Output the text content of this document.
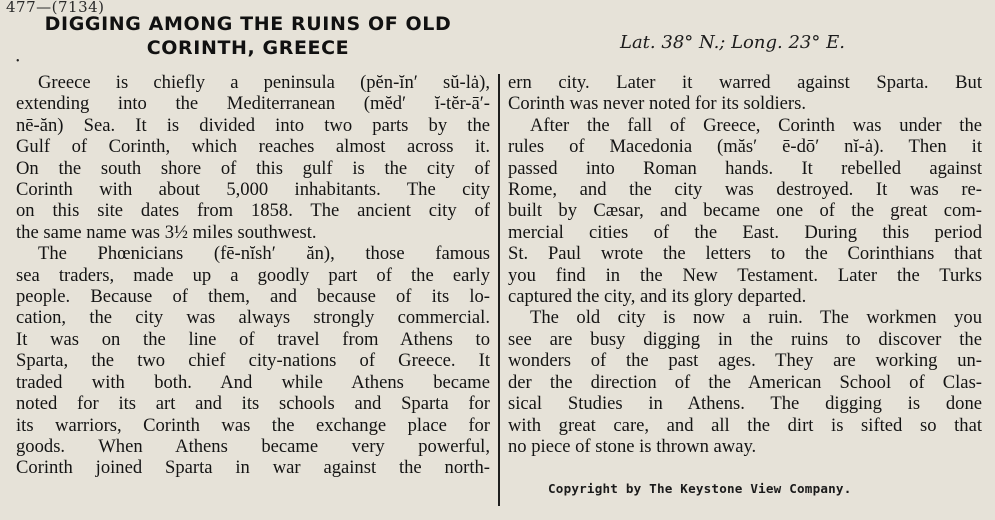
477—(7134)
DIGGING AMONG THE RUINS OF OLD
CORINTH, GREECE
•
Lat. 38° N.; Long. 23° E.
Greece is chiefly a peninsula (pĕn-ĭn′ sŭ-lȧ),
extending into the Mediterranean (mĕd′ ĭ-tĕr-ā′-
nē-ăn) Sea. It is divided into two parts by the
Gulf of Corinth, which reaches almost across it.
On the south shore of this gulf is the city of
Corinth with about 5,000 inhabitants. The city
on this site dates from 1858. The ancient city of
the same name was 3½ miles southwest.
The Phœnicians (fē-nĭsh′ ăn), those famous
sea traders, made up a goodly part of the early
people. Because of them, and because of its lo-
cation, the city was always strongly commercial.
It was on the line of travel from Athens to
Sparta, the two chief city-nations of Greece. It
traded with both. And while Athens became
noted for its art and its schools and Sparta for
its warriors, Corinth was the exchange place for
goods. When Athens became very powerful,
Corinth joined Sparta in war against the north-
ern city. Later it warred against Sparta. But
Corinth was never noted for its soldiers.
After the fall of Greece, Corinth was under the
rules of Macedonia (măs′ ē-dō′ nĭ-ȧ). Then it
passed into Roman hands. It rebelled against
Rome, and the city was destroyed. It was re-
built by Cæsar, and became one of the great com-
mercial cities of the East. During this period
St. Paul wrote the letters to the Corinthians that
you find in the New Testament. Later the Turks
captured the city, and its glory departed.
The old city is now a ruin. The workmen you
see are busy digging in the ruins to discover the
wonders of the past ages. They are working un-
der the direction of the American School of Clas-
sical Studies in Athens. The digging is done
with great care, and all the dirt is sifted so that
no piece of stone is thrown away.
Copyright by The Keystone View Company.
